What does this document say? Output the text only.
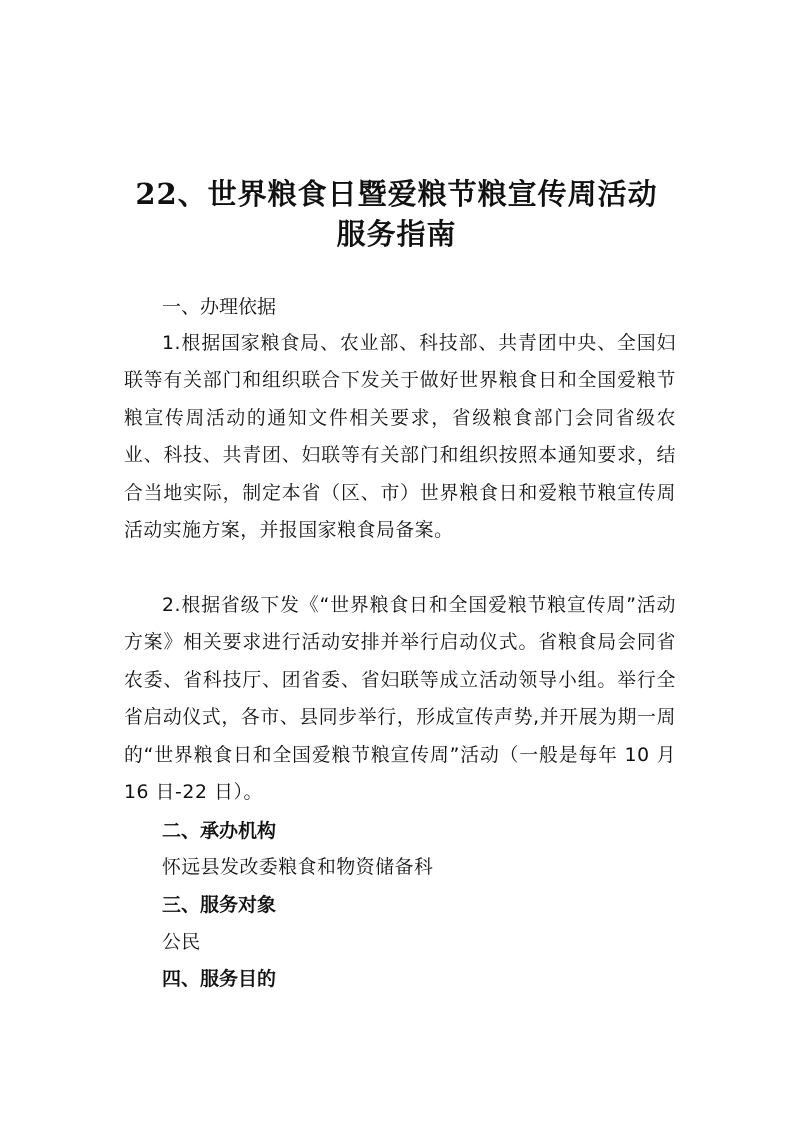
22、世界粮食日暨爱粮节粮宣传周活动
服务指南
一、办理依据
1.根据国家粮食局、农业部、科技部、共青团中央、全国妇联等有关部门和组织联合下发关于做好世界粮食日和全国爱粮节粮宣传周活动的通知文件相关要求，省级粮食部门会同省级农业、科技、共青团、妇联等有关部门和组织按照本通知要求，结合当地实际，制定本省（区、市）世界粮食日和爱粮节粮宣传周活动实施方案，并报国家粮食局备案。
2.根据省级下发《“世界粮食日和全国爱粮节粮宣传周”活动方案》相关要求进行活动安排并举行启动仪式。省粮食局会同省农委、省科技厅、团省委、省妇联等成立活动领导小组。举行全省启动仪式，各市、县同步举行，形成宣传声势,并开展为期一周的“世界粮食日和全国爱粮节粮宣传周”活动（一般是每年 10 月 16 日-22 日）。
二、承办机构
怀远县发改委粮食和物资储备科
三、服务对象
公民
四、服务目的
